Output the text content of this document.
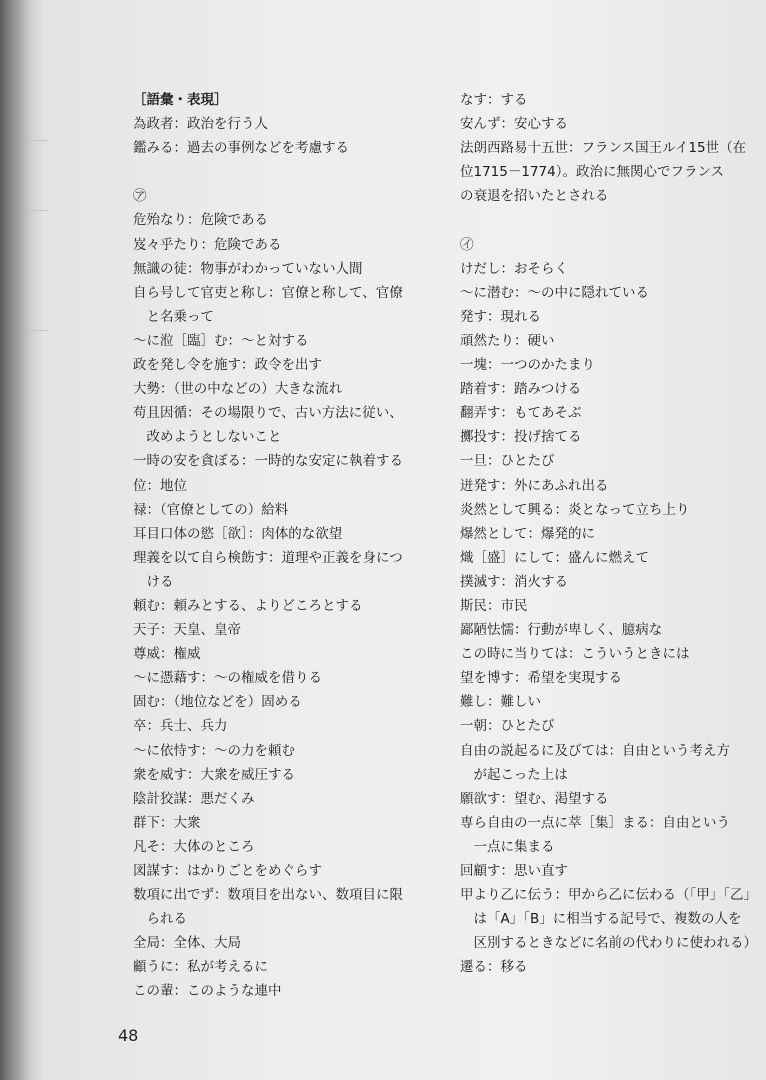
［語彙・表現］
為政者：政治を行う人
鑑みる：過去の事例などを考慮する
㋐
危殆なり：危険である
岌々乎たり：危険である
無識の徒：物事がわかっていない人間
自ら号して官吏と称し：官僚と称して、官僚
　と名乗って
～に涖［臨］む：～と対する
政を発し令を施す：政令を出す
大勢：（世の中などの）大きな流れ
苟且因循：その場限りで、古い方法に従い、
　改めようとしないこと
一時の安を貪ぼる：一時的な安定に執着する
位：地位
禄：（官僚としての）給料
耳目口体の慾［欲］：肉体的な欲望
理義を以て自ら検飭す：道理や正義を身につ
　ける
頼む：頼みとする、よりどころとする
天子：天皇、皇帝
尊威：権威
～に憑藉す：～の権威を借りる
固む：（地位などを）固める
卒：兵士、兵力
～に依恃す：～の力を頼む
衆を威す：大衆を威圧する
陰計狡謀：悪だくみ
群下：大衆
凡そ：大体のところ
図謀す：はかりごとをめぐらす
数項に出でず：数項目を出ない、数項目に限
　られる
全局：全体、大局
顧うに：私が考えるに
この輩：このような連中
なす：する
安んず：安心する
法朗西路易十五世：フランス国王ルイ15世（在
位1715－1774）。政治に無関心でフランス
の衰退を招いたとされる
㋑
けだし：おそらく
～に潜む：～の中に隠れている
発す：現れる
頑然たり：硬い
一塊：一つのかたまり
踏着す：踏みつける
翻弄す：もてあそぶ
擲投す：投げ捨てる
一旦：ひとたび
迸発す：外にあふれ出る
炎然として興る：炎となって立ち上り
爆然として：爆発的に
熾［盛］にして：盛んに燃えて
撲滅す：消火する
斯民：市民
鄙陋怯懦：行動が卑しく、臆病な
この時に当りては：こういうときには
望を博す：希望を実現する
難し：難しい
一朝：ひとたび
自由の説起るに及びては：自由という考え方
　が起こった上は
願欲す：望む、渇望する
専ら自由の一点に萃［集］まる：自由という
　一点に集まる
回顧す：思い直す
甲より乙に伝う：甲から乙に伝わる（「甲」「乙」
　は「A」「B」に相当する記号で、複数の人を
　区別するときなどに名前の代わりに使われる）
遷る：移る
48
